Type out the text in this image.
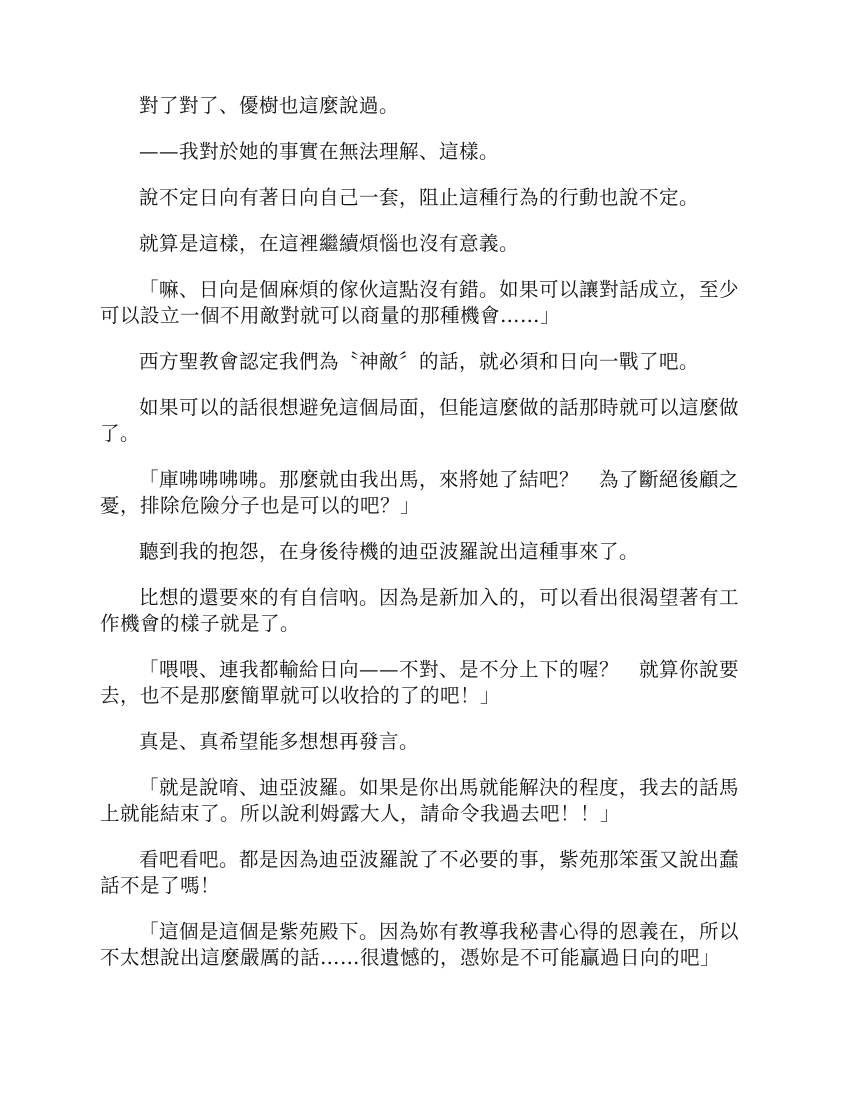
對了對了、優樹也這麼說過。

——我對於她的事實在無法理解、這樣。

說不定日向有著日向自己一套，阻止這種行為的行動也說不定。

就算是這樣，在這裡繼續煩惱也沒有意義。

「嘛、日向是個麻煩的傢伙這點沒有錯。如果可以讓對話成立，至少可以設立一個不用敵對就可以商量的那種機會……」

西方聖教會認定我們為〝神敵〞的話，就必須和日向一戰了吧。

如果可以的話很想避免這個局面，但能這麼做的話那時就可以這麼做了。

「庫咈咈咈咈。那麼就由我出馬，來將她了結吧？　為了斷絕後顧之憂，排除危險分子也是可以的吧？」

聽到我的抱怨，在身後待機的迪亞波羅說出這種事來了。

比想的還要來的有自信吶。因為是新加入的，可以看出很渴望著有工作機會的樣子就是了。

「喂喂、連我都輸給日向——不對、是不分上下的喔？　就算你說要去，也不是那麼簡單就可以收拾的了的吧！」

真是、真希望能多想想再發言。

「就是說唷、迪亞波羅。如果是你出馬就能解決的程度，我去的話馬上就能結束了。所以說利姆露大人，請命令我過去吧！！」

看吧看吧。都是因為迪亞波羅說了不必要的事，紫苑那笨蛋又說出蠢話不是了嗎！

「這個是這個是紫苑殿下。因為妳有教導我秘書心得的恩義在，所以不太想說出這麼嚴厲的話……很遺憾的，憑妳是不可能贏過日向的吧」
